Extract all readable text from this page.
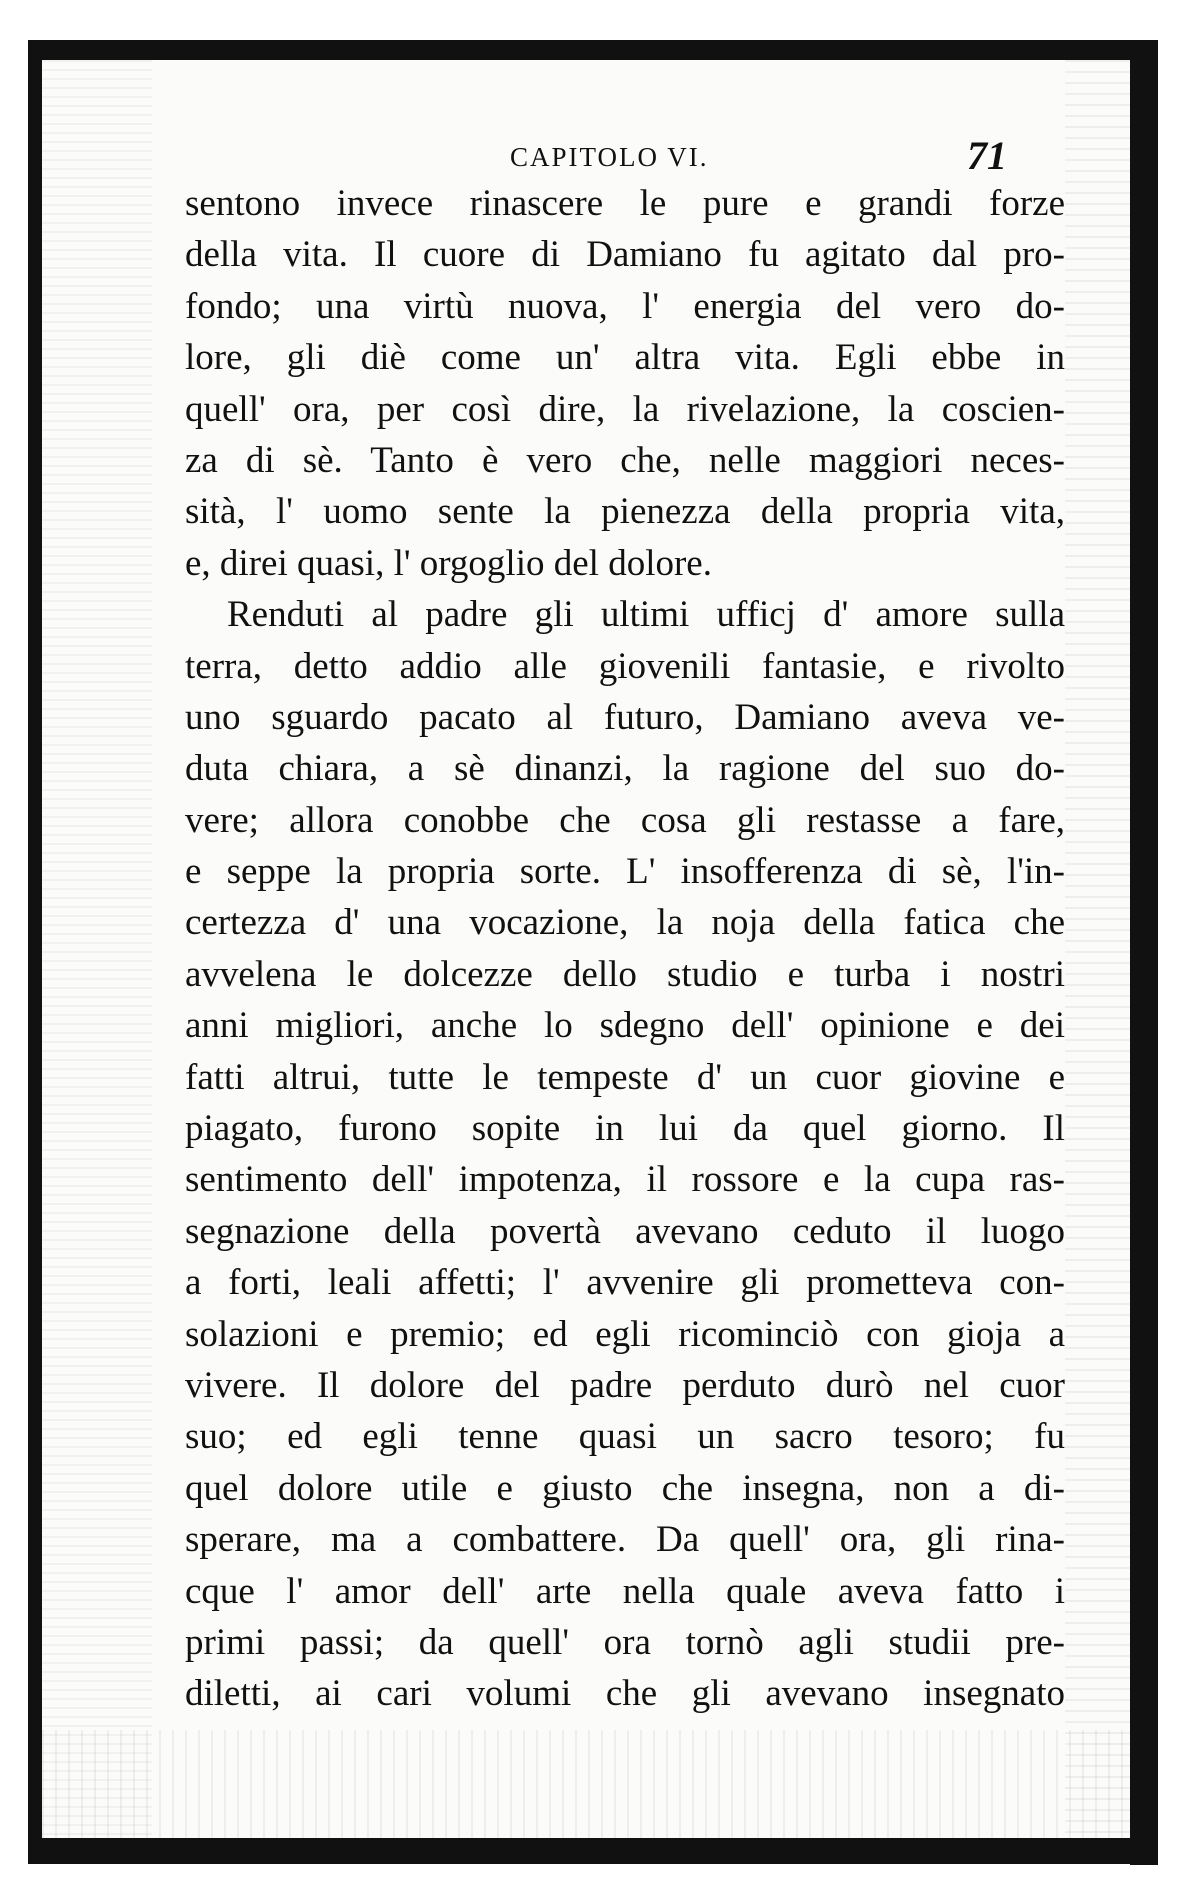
CAPITOLO VI.	71
sentono invece rinascere le pure e grandi forze
della vita. Il cuore di Damiano fu agitato dal pro-
fondo; una virtù nuova, l' energia del vero do-
lore, gli diè come un' altra vita. Egli ebbe in
quell' ora, per così dire, la rivelazione, la coscien-
za di sè. Tanto è vero che, nelle maggiori neces-
sità, l' uomo sente la pienezza della propria vita,
e, direi quasi, l' orgoglio del dolore.
Renduti al padre gli ultimi ufficj d' amore sulla
terra, detto addio alle giovenili fantasie, e rivolto
uno sguardo pacato al futuro, Damiano aveva ve-
duta chiara, a sè dinanzi, la ragione del suo do-
vere; allora conobbe che cosa gli restasse a fare,
e seppe la propria sorte. L' insofferenza di sè, l'in-
certezza d' una vocazione, la noja della fatica che
avvelena le dolcezze dello studio e turba i nostri
anni migliori, anche lo sdegno dell' opinione e dei
fatti altrui, tutte le tempeste d' un cuor giovine e
piagato, furono sopite in lui da quel giorno. Il
sentimento dell' impotenza, il rossore e la cupa ras-
segnazione della povertà avevano ceduto il luogo
a forti, leali affetti; l' avvenire gli prometteva con-
solazioni e premio; ed egli ricominciò con gioja a
vivere. Il dolore del padre perduto durò nel cuor
suo; ed egli tenne quasi un sacro tesoro; fu
quel dolore utile e giusto che insegna, non a di-
sperare, ma a combattere. Da quell' ora, gli rina-
cque l' amor dell' arte nella quale aveva fatto i
primi passi; da quell' ora tornò agli studii pre-
diletti, ai cari volumi che gli avevano insegnato
